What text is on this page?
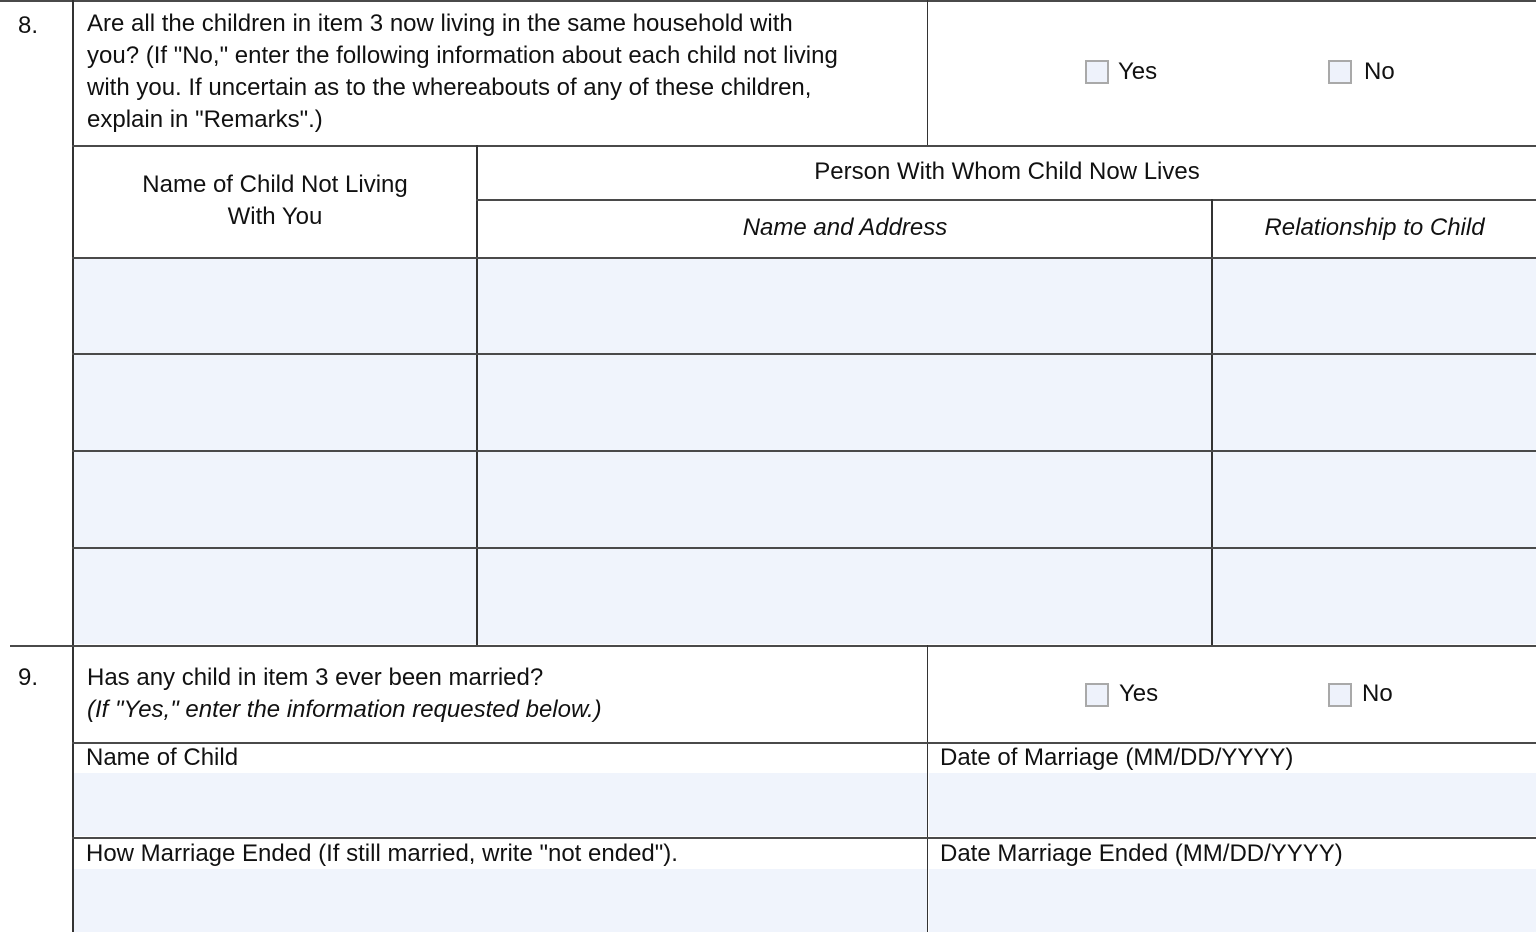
8. Are all the children in item 3 now living in the same household with
you? (If "No," enter the following information about each child not living
with you. If uncertain as to the whereabouts of any of these children,
explain in "Remarks".)
Yes	No
Name of Child Not Living
With You
Person With Whom Child Now Lives
Name and Address	Relationship to Child
9. Has any child in item 3 ever been married?
(If "Yes," enter the information requested below.)
Yes	No
Name of Child	Date of Marriage (MM/DD/YYYY)
How Marriage Ended (If still married, write "not ended").	Date Marriage Ended (MM/DD/YYYY)
